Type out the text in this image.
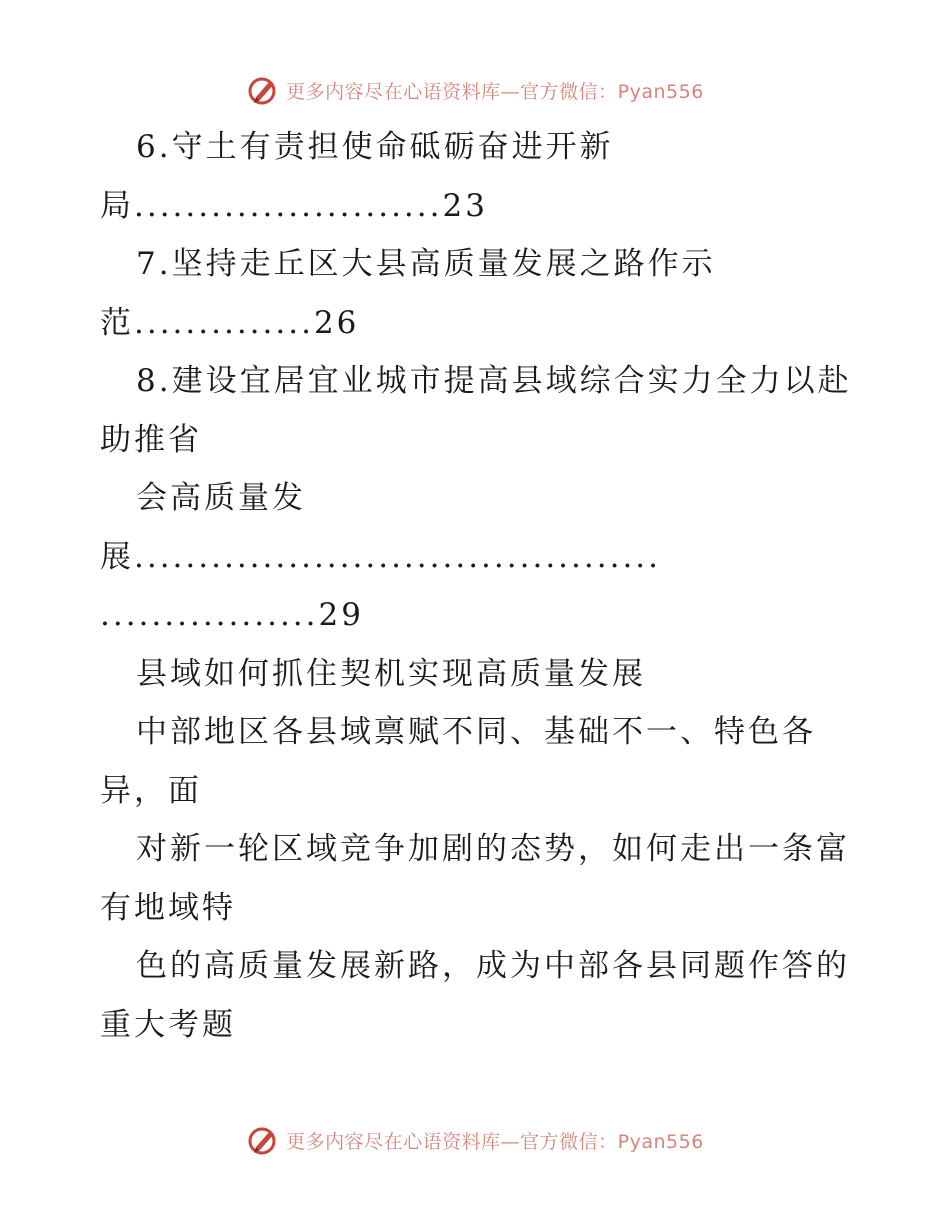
更多内容尽在心语资料库—官方微信：Pyan556
6.守土有责担使命砥砺奋进开新
局........................23
7.坚持走丘区大县高质量发展之路作示
范..............26
8.建设宜居宜业城市提高县域综合实力全力以赴
助推省
会高质量发
展.........................................
.................29
县域如何抓住契机实现高质量发展
中部地区各县域禀赋不同、基础不一、特色各
异，面
对新一轮区域竞争加剧的态势，如何走出一条富
有地域特
色的高质量发展新路，成为中部各县同题作答的
重大考题
更多内容尽在心语资料库—官方微信：Pyan556
